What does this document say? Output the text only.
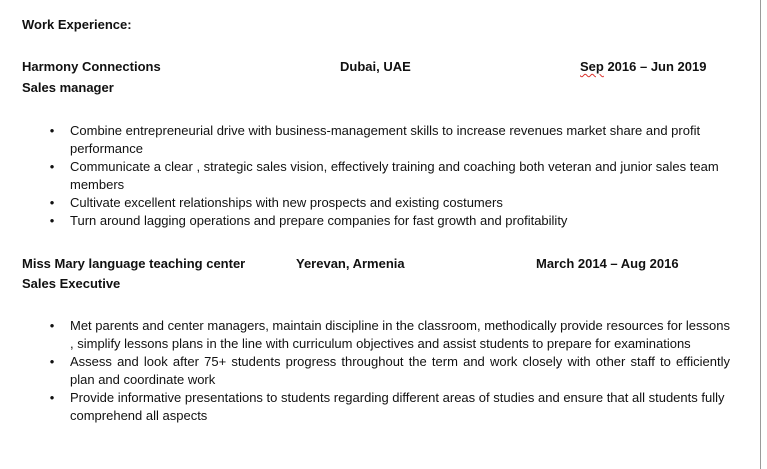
Work Experience:
Harmony Connections	Dubai, UAE	Sep 2016 – Jun 2019
Sales manager
• Combine entrepreneurial drive with business-management skills to increase revenues market share and profit performance
• Communicate a clear , strategic sales vision, effectively training and coaching both veteran and junior sales team members
• Cultivate excellent relationships with new prospects and existing costumers
• Turn around lagging operations and prepare companies for fast growth and profitability
Miss Mary language teaching center	Yerevan, Armenia	March 2014 – Aug 2016
Sales Executive
• Met parents and center managers, maintain discipline in the classroom, methodically provide resources for lessons , simplify lessons plans in the line with curriculum objectives and assist students to prepare for examinations
• Assess and look after 75+ students progress throughout the term and work closely with other staff to efficiently plan and coordinate work
• Provide informative presentations to students regarding different areas of studies and ensure that all students fully comprehend all aspects
